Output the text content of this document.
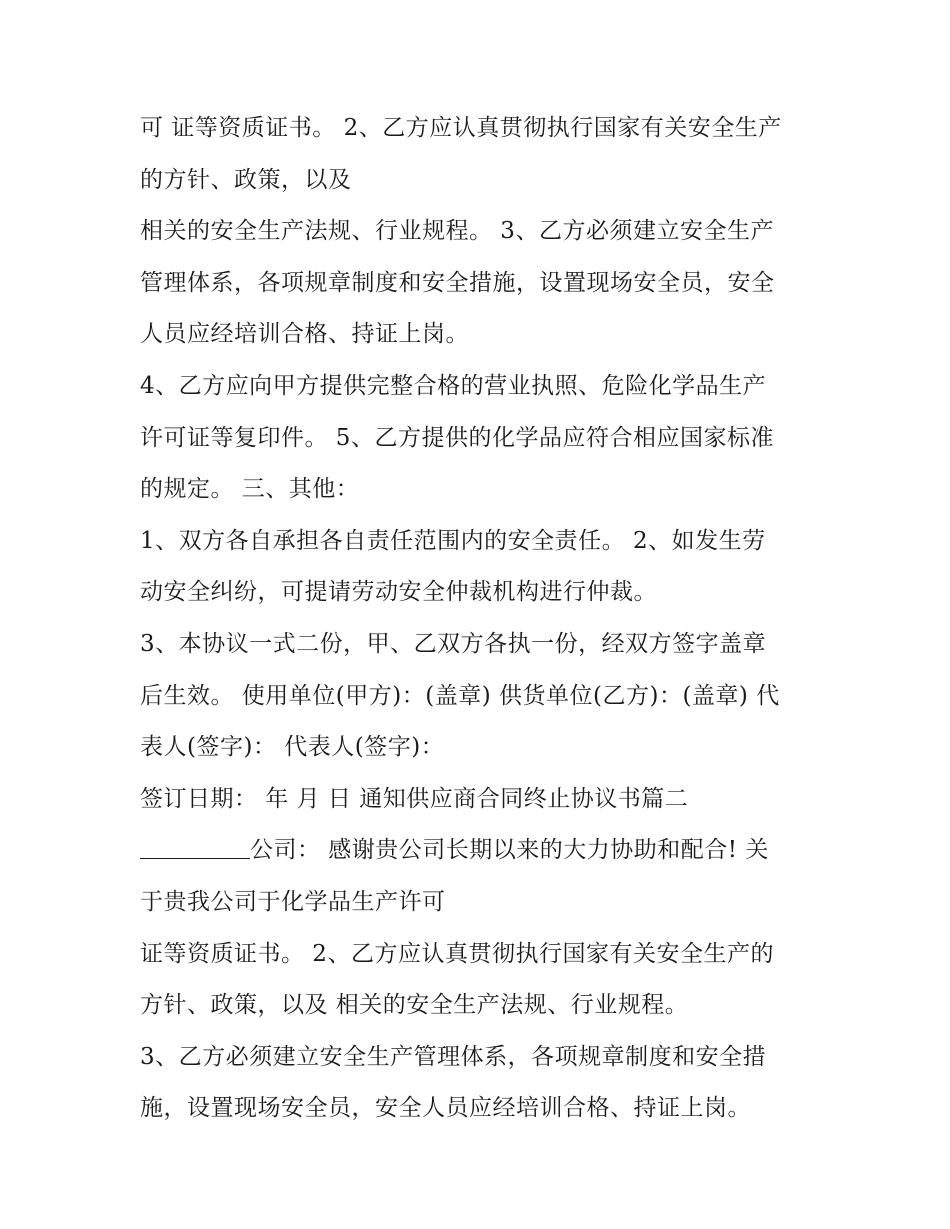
可 证等资质证书。 2、乙方应认真贯彻执行国家有关安全生产
的方针、政策，以及
相关的安全生产法规、行业规程。 3、乙方必须建立安全生产
管理体系，各项规章制度和安全措施，设置现场安全员，安全
人员应经培训合格、持证上岗。
4、乙方应向甲方提供完整合格的营业执照、危险化学品生产
许可证等复印件。 5、乙方提供的化学品应符合相应国家标准
的规定。 三、其他：
1、双方各自承担各自责任范围内的安全责任。 2、如发生劳
动安全纠纷，可提请劳动安全仲裁机构进行仲裁。
3、本协议一式二份，甲、乙双方各执一份，经双方签字盖章
后生效。 使用单位(甲方)：(盖章) 供货单位(乙方)：(盖章) 代
表人(签字)： 代表人(签字)：
签订日期： 年 月 日 通知供应商合同终止协议书篇二
公司： 感谢贵公司长期以来的大力协助和配合! 关
于贵我公司于化学品生产许可
证等资质证书。 2、乙方应认真贯彻执行国家有关安全生产的
方针、政策，以及 相关的安全生产法规、行业规程。
3、乙方必须建立安全生产管理体系，各项规章制度和安全措
施，设置现场安全员，安全人员应经培训合格、持证上岗。
